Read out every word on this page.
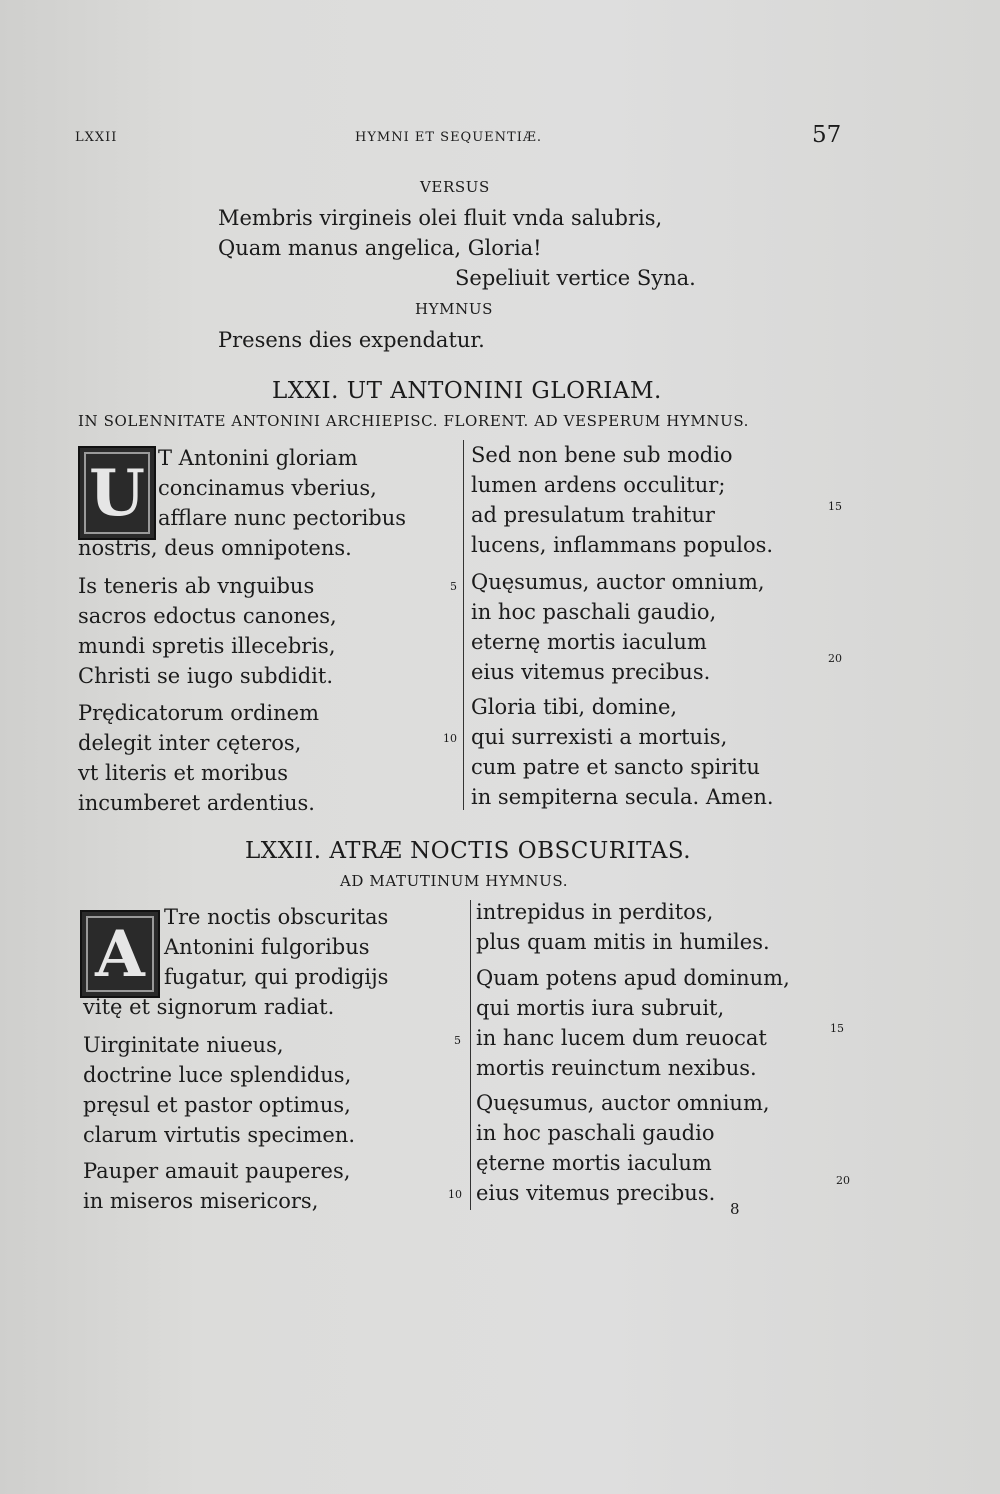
LXXII	HYMNI ET SEQUENTIÆ.	57
VERSUS
Membris virgineis olei fluit vnda salubris,
Quam manus angelica, Gloria!
Sepeliuit vertice Syna.
HYMNUS
Presens dies expendatur.
LXXI. UT ANTONINI GLORIAM.
IN SOLENNITATE ANTONINI ARCHIEPISC. FLORENT. AD VESPERUM HYMNUS.
U T Antonini gloriam
concinamus vberius,
afflare nunc pectoribus
nostris, deus omnipotens.
Is teneris ab vnguibus
sacros edoctus canones,
mundi spretis illecebris,
Christi se iugo subdidit.
Prędicatorum ordinem
delegit inter cęteros,
vt literis et moribus
incumberet ardentius.
5
10
15
20
Sed non bene sub modio
lumen ardens occulitur;
ad presulatum trahitur
lucens, inflammans populos.
Quęsumus, auctor omnium,
in hoc paschali gaudio,
eternę mortis iaculum
eius vitemus precibus.
Gloria tibi, domine,
qui surrexisti a mortuis,
cum patre et sancto spiritu
in sempiterna secula. Amen.
LXXII. ATRÆ NOCTIS OBSCURITAS.
AD MATUTINUM HYMNUS.
A Tre noctis obscuritas
Antonini fulgoribus
fugatur, qui prodigijs
vitę et signorum radiat.
Uirginitate niueus,
doctrine luce splendidus,
pręsul et pastor optimus,
clarum virtutis specimen.
Pauper amauit pauperes,
in miseros misericors,
5
10
15
20
intrepidus in perditos,
plus quam mitis in humiles.
Quam potens apud dominum,
qui mortis iura subruit,
in hanc lucem dum reuocat
mortis reuinctum nexibus.
Quęsumus, auctor omnium,
in hoc paschali gaudio
ęterne mortis iaculum
eius vitemus precibus.
8
